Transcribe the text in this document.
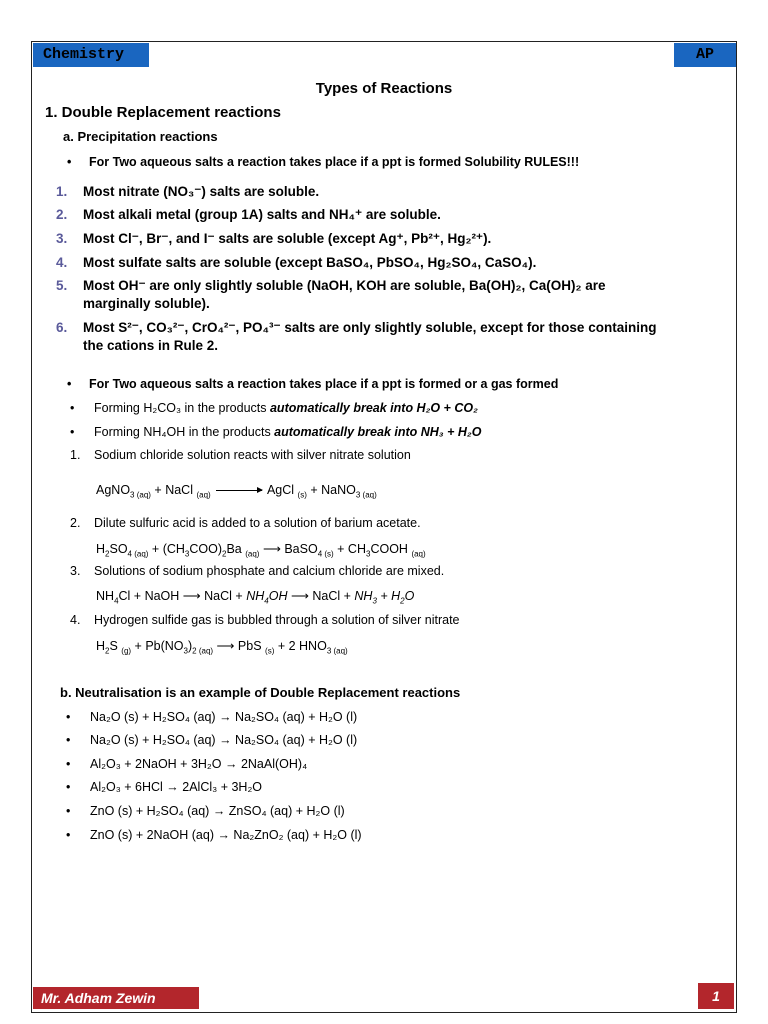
Chemistry	AP
Types of Reactions
1. Double Replacement reactions
a. Precipitation reactions
• For Two aqueous salts a reaction takes place if a ppt is formed Solubility RULES!!!
1. Most nitrate (NO₃⁻) salts are soluble.
2. Most alkali metal (group 1A) salts and NH₄⁺ are soluble.
3. Most Cl⁻, Br⁻, and I⁻ salts are soluble (except Ag⁺, Pb²⁺, Hg₂²⁺).
4. Most sulfate salts are soluble (except BaSO₄, PbSO₄, Hg₂SO₄, CaSO₄).
5. Most OH⁻ are only slightly soluble (NaOH, KOH are soluble, Ba(OH)₂, Ca(OH)₂ are
marginally soluble).
6. Most S²⁻, CO₃²⁻, CrO₄²⁻, PO₄³⁻ salts are only slightly soluble, except for those containing
the cations in Rule 2.
• For Two aqueous salts a reaction takes place if a ppt is formed or a gas formed
• Forming H₂CO₃ in the products automatically break into H₂O + CO₂
• Forming NH₄OH in the products automatically break into NH₃ + H₂O
1. Sodium chloride solution reacts with silver nitrate solution
AgNO$_{3 (aq)}$ + NaCl $_{(aq)}$	AgCl $_{(s)}$ + NaNO$_{3 (aq)}$
2. Dilute sulfuric acid is added to a solution of barium acetate.
$H_2SO_{4 (aq)} + (CH_3COO)_2Ba$ $_{(aq)}$ ⟶ BaSO$_{4 (s)}$ + $CH_3COOH$ $_{(aq)}$
3. Solutions of sodium phosphate and calcium chloride are mixed.
$NH_4Cl$ + NaOH ⟶ NaCl + $NH_4OH$ ⟶ NaCl + $NH_3 + H_2O$
4. Hydrogen sulfide gas is bubbled through a solution of silver nitrate
$H_2S$ $_{(g)} + Pb(NO_3)_{2 (aq)}$ ⟶ PbS $_{(s)}$ + 2 $HNO_{3 (aq)}$
b. Neutralisation is an example of Double Replacement reactions
• Na₂O (s) + H₂SO₄ (aq) → Na₂SO₄ (aq) + H₂O (l)
• Na₂O (s) + H₂SO₄ (aq) → Na₂SO₄ (aq) + H₂O (l)
• Al₂O₃ + 2NaOH + 3H₂O → 2NaAl(OH)₄
• Al₂O₃ + 6HCl → 2AlCl₃ + 3H₂O
• ZnO (s) + H₂SO₄ (aq) → ZnSO₄ (aq) + H₂O (l)
• ZnO (s) + 2NaOH (aq) → Na₂ZnO₂ (aq) + H₂O (l)
Mr. Adham Zewin	1
